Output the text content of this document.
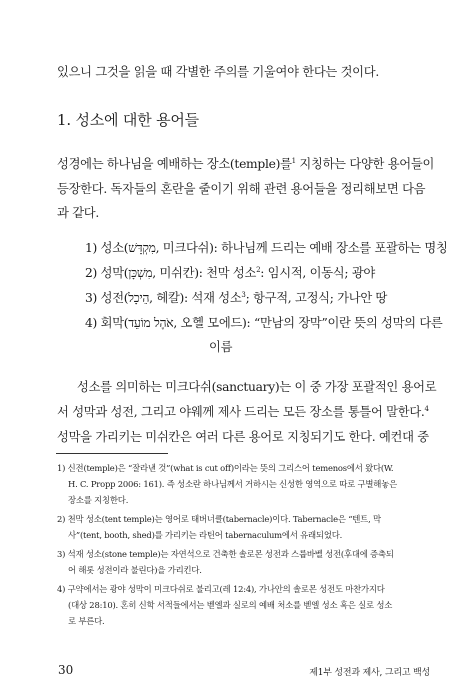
있으니 그것을 읽을 때 각별한 주의를 기울여야 한다는 것이다.
1. 성소에 대한 용어들
성경에는 하나님을 예배하는 장소(temple)를$^1$ 지칭하는 다양한 용어들이
등장한다. 독자들의 혼란을 줄이기 위해 관련 용어들을 정리해보면 다음
과 같다.
1) 성소(מִקְדָּשׁ, 미크다쉬): 하나님께 드리는 예배 장소를 포괄하는 명칭
2) 성막(מִשְׁכָּן, 미쉬칸): 천막 성소$^2$: 임시적, 이동식; 광야
3) 성전(הֵיכָל, 헤칼): 석재 성소$^3$; 항구적, 고정식; 가나안 땅
4) 회막(אֹהֶל מוֹעֵד, 오헬 모에드): “만남의 장막”이란 뜻의 성막의 다른
이름
성소를 의미하는 미크다쉬(sanctuary)는 이 중 가장 포괄적인 용어로
서 성막과 성전, 그리고 야웨께 제사 드리는 모든 장소를 통틀어 말한다.$^4$
성막을 가리키는 미쉬칸은 여러 다른 용어로 지칭되기도 한다. 예컨대 중
1) 신전(temple)은 “잘라낸 것”(what is cut off)이라는 뜻의 그리스어 temenos에서 왔다(W.
H. C. Propp 2006: 161). 즉 성소란 하나님께서 거하시는 신성한 영역으로 따로 구별해놓은
장소를 지칭한다.
2) 천막 성소(tent temple)는 영어로 태버너클(tabernacle)이다. Tabernacle은 “텐트, 막
사”(tent, booth, shed)를 가리키는 라틴어 tabernaculum에서 유래되었다.
3) 석재 성소(stone temple)는 자연석으로 건축한 솔로몬 성전과 스룹바벨 성전(후대에 증축되
어 해롯 성전이라 불린다)을 가리킨다.
4) 구약에서는 광야 성막이 미크다쉬로 불리고(레 12:4), 가나안의 솔로몬 성전도 마찬가지다
(대상 28:10). 혼히 신학 서적들에서는 벧엘과 실로의 예배 처소를 벧엘 성소 혹은 실로 성소
로 부른다.
30	제1부 성전과 제사, 그리고 백성
